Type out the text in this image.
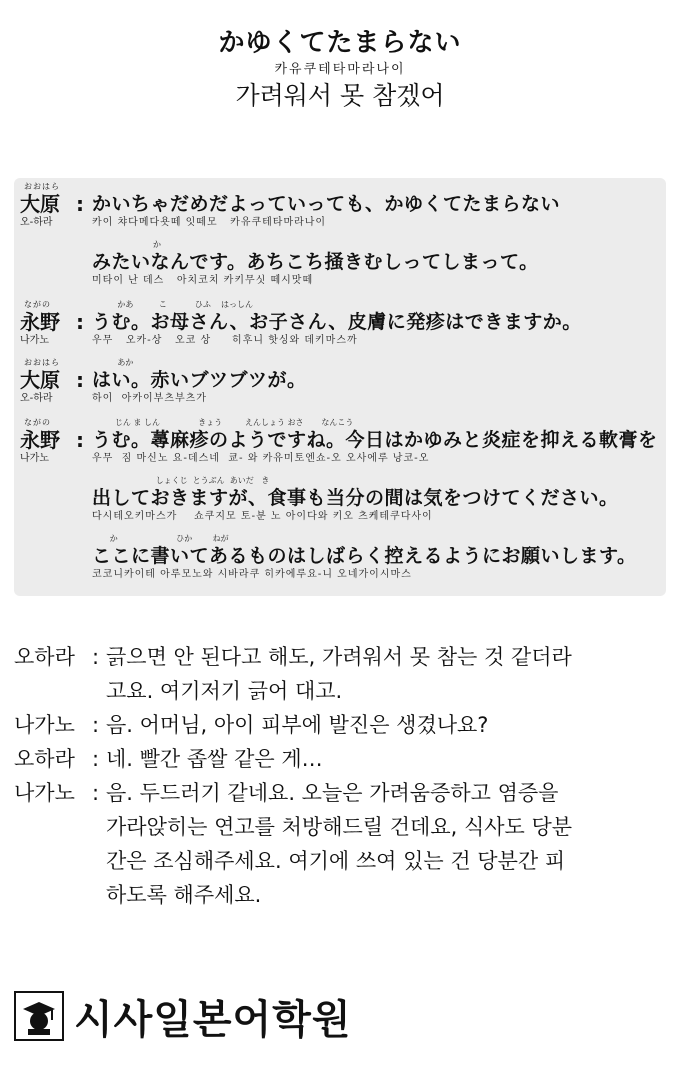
かゆくてたまらない
카유쿠테타마라나이
가려워서 못 참겠어
おおはら
大原
오-하라
: かいちゃだめだよっていっても、かゆくてたまらない
카이 챠다메다욧떼 잇떼모   카유쿠테타마라나이
か
みたいなんです。あちこち掻きむしってしまって。
미타이 난 데스   아치코치 카키무싯 떼시맛떼
ながの
永野
나가노
:
かあ          こ           ひふ    はっしん
うむ。お母さん、お子さん、皮膚に発疹はできますか。
우무   오카-상   오코 상     히후니 핫싱와 데키마스까
おおはら
大原
오-하라
:
あか
はい。赤いブツブツが。
하이  아카이부츠부츠가
ながの
永野
나가노
:
じん ま しん               きょう         えんしょう おさ       なんこう
うむ。蕁麻疹のようですね。今日はかゆみと炎症を抑える軟膏を
우무  짐 마신노 요-데스네  쿄- 와 카유미토엔쇼-오 오사에루 낭코-오
しょくじ  とうぶん  あいだ   き
出しておきますが、食事も当分の間は気をつけてください。
다시테오키마스가    쇼쿠지모 토-분 노 아이다와 키오 츠케테쿠다사이
か                       ひか        ねが
ここに書いてあるものはしばらく控えるようにお願いします。
코코니카이테 아루모노와 시바라쿠 히카에루요-니 오네가이시마스
오하라 : 긁으면 안 된다고 해도, 가려워서 못 참는 것 같더라

고요. 여기저기 긁어 대고.
나가노 : 음. 어머님, 아이 피부에 발진은 생겼나요?

오하라 : 네. 빨간 좁쌀 같은 게…

나가노 : 음. 두드러기 같네요. 오늘은 가려움증하고 염증을

가라앉히는 연고를 처방해드릴 건데요, 식사도 당분
간은 조심해주세요. 여기에 쓰여 있는 건 당분간 피
하도록 해주세요.
시사일본어학원
